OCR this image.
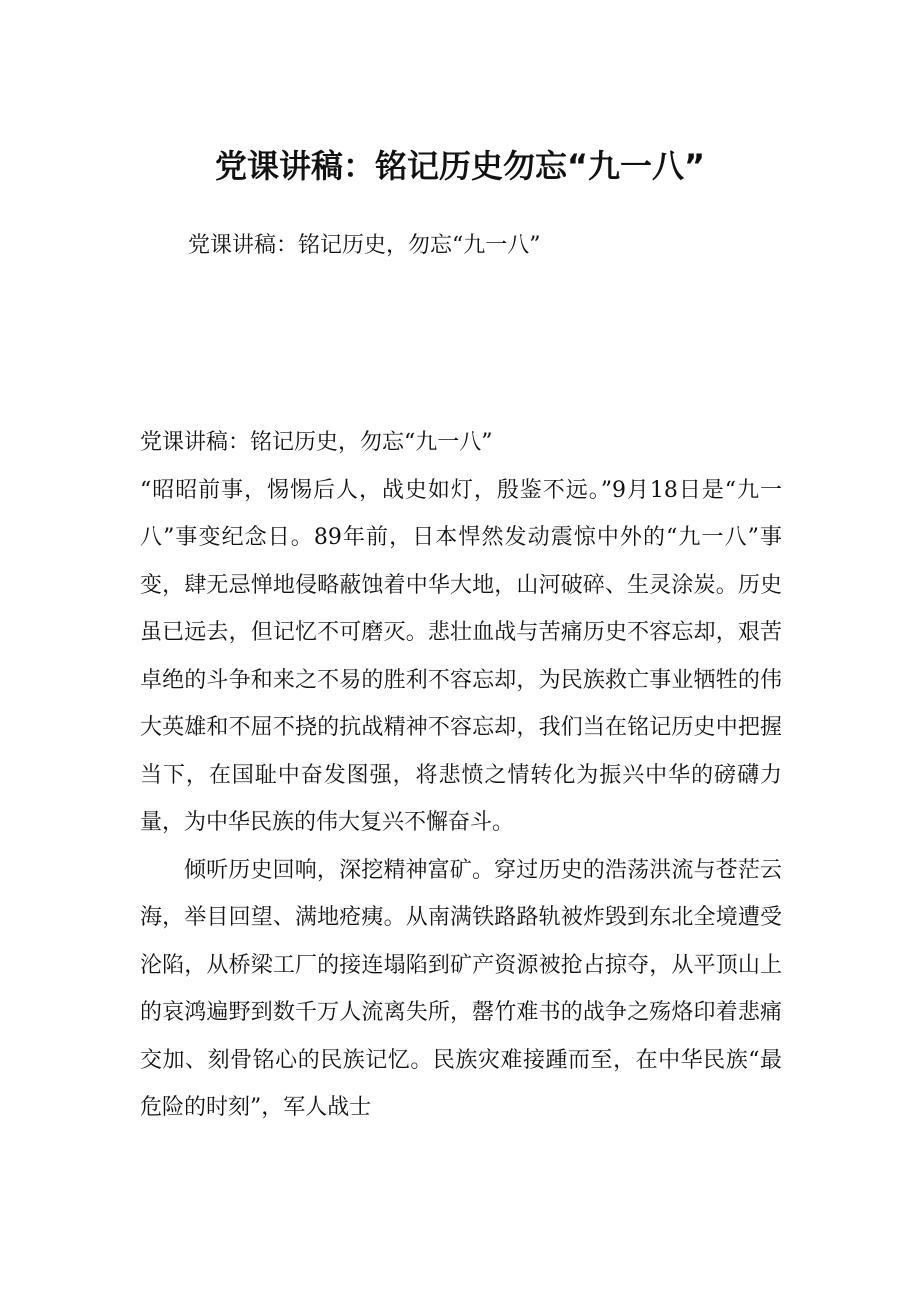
党课讲稿：铭记历史勿忘“九一八”
党课讲稿：铭记历史，勿忘“九一八”

党课讲稿：铭记历史，勿忘“九一八”

“昭昭前事，惕惕后人，战史如灯，殷鉴不远。”9月18日是“九一八”事变纪念日。89年前，日本悍然发动震惊中外的“九一八”事变，肆无忌惮地侵略蔽蚀着中华大地，山河破碎、生灵涂炭。历史虽已远去，但记忆不可磨灭。悲壮血战与苦痛历史不容忘却，艰苦卓绝的斗争和来之不易的胜利不容忘却，为民族救亡事业牺牲的伟大英雄和不屈不挠的抗战精神不容忘却，我们当在铭记历史中把握当下，在国耻中奋发图强，将悲愤之情转化为振兴中华的磅礴力量，为中华民族的伟大复兴不懈奋斗。

倾听历史回响，深挖精神富矿。穿过历史的浩荡洪流与苍茫云海，举目回望、满地疮痍。从南满铁路路轨被炸毁到东北全境遭受沦陷，从桥梁工厂的接连塌陷到矿产资源被抢占掠夺，从平顶山上的哀鸿遍野到数千万人流离失所，罄竹难书的战争之殇烙印着悲痛交加、刻骨铭心的民族记忆。民族灾难接踵而至，在中华民族“最危险的时刻”，军人战士
